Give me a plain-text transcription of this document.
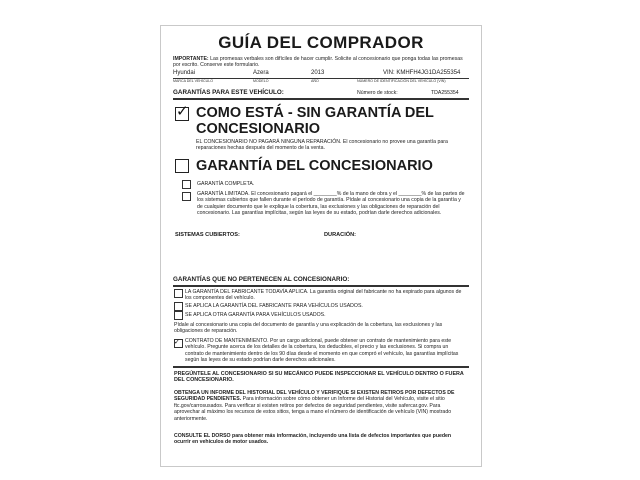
GUÍA DEL COMPRADOR
IMPORTANTE: Las promesas verbales son difíciles de hacer cumplir. Solicite al concesionario que ponga todas las promesas por escrito. Conserve este formulario.
Hyundai	Azera	2013	VIN: KMHFH4JG1DA255354
MARCA DEL VEHÍCULO	MODELO	AÑO	NÚMERO DE IDENTIFICACIÓN DEL VEHÍCULO (VIN)
GARANTÍAS PARA ESTE VEHÍCULO:	Número de stock:	TDA255354
✓ COMO ESTÁ - SIN GARANTÍA DEL
CONCESIONARIO
EL CONCESIONARIO NO PAGARÁ NINGUNA REPARACIÓN. El concesionario no provee una garantía para reparaciones hechas después del momento de la venta.
GARANTÍA DEL CONCESIONARIO
GARANTÍA COMPLETA.
GARANTÍA LIMITADA. El concesionario pagará el ________% de la mano de obra y el ________% de las partes de los sistemas cubiertos que fallen durante el período de garantía. Pídale al concesionario una copia de la garantía y de cualquier documento que le explique la cobertura, las exclusiones y las obligaciones de reparación del concesionario. Las garantías implícitas, según las leyes de su estado, podrían darle derechos adicionales.
SISTEMAS CUBIERTOS:	DURACIÓN:
GARANTÍAS QUE NO PERTENECEN AL CONCESIONARIO:
LA GARANTÍA DEL FABRICANTE TODAVÍA APLICA. La garantía original del fabricante no ha expirado para algunos de los componentes del vehículo.
SE APLICA LA GARANTÍA DEL FABRICANTE PARA VEHÍCULOS USADOS.
SE APLICA OTRA GARANTÍA PARA VEHÍCULOS USADOS.
Pídale al concesionario una copia del documento de garantía y una explicación de la cobertura, las exclusiones y las obligaciones de reparación.
✓ CONTRATO DE MANTENIMIENTO. Por un cargo adicional, puede obtener un contrato de mantenimiento para este vehículo. Pregunte acerca de los detalles de la cobertura, los deducibles, el precio y las exclusiones. Si compra un contrato de mantenimiento dentro de los 90 días desde el momento en que compró el vehículo, las garantías implícitas según las leyes de su estado podrían darle derechos adicionales.
PREGÚNTELE AL CONCESIONARIO SI SU MECÁNICO PUEDE INSPECCIONAR EL VEHÍCULO DENTRO O FUERA DEL CONCESIONARIO.
OBTENGA UN INFORME DEL HISTORIAL DEL VEHÍCULO Y VERIFIQUE SI EXISTEN RETIROS POR DEFECTOS DE SEGURIDAD PENDIENTES. Para información sobre cómo obtener un Informe del Historial del Vehículo, visite el sitio ftc.gov/carrosusados. Para verificar si existen retiros por defectos de seguridad pendientes, visite safercar.gov. Para aprovechar al máximo los recursos de estos sitios, tenga a mano el número de identificación de vehículo (VIN) mostrado anteriormente.
CONSULTE EL DORSO para obtener más información, incluyendo una lista de defectos importantes que pueden ocurrir en vehículos de motor usados.
